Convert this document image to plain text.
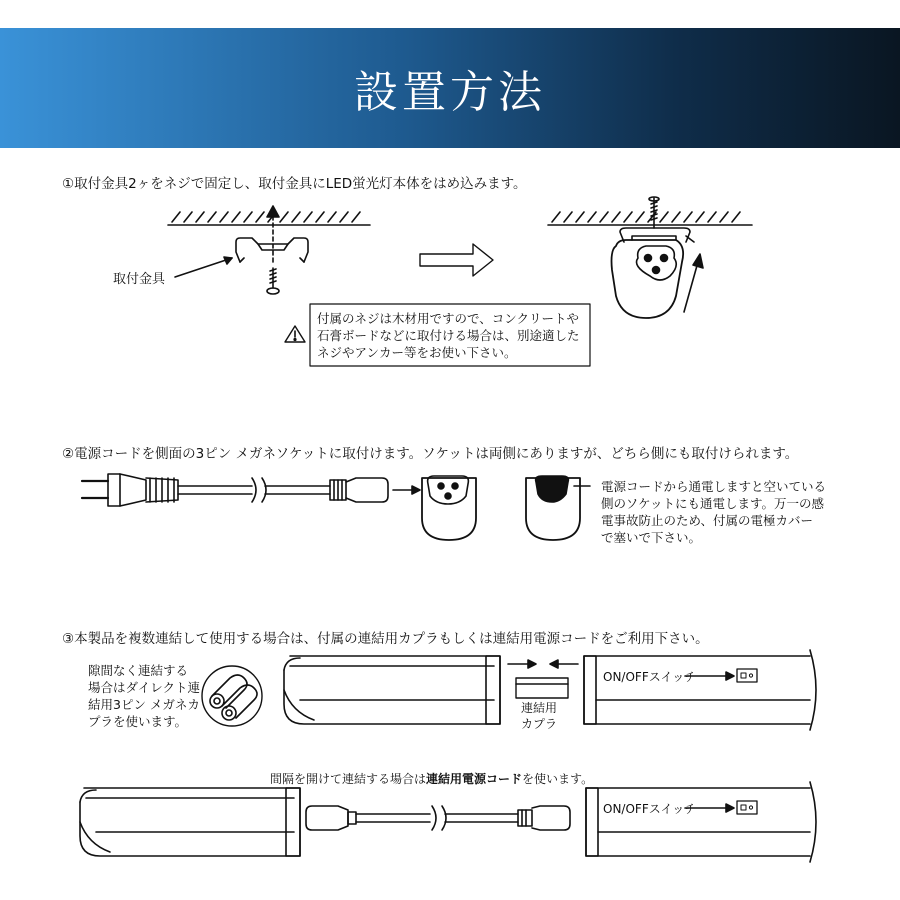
設置方法
①取付金具2ヶをネジで固定し、取付金具にLED蛍光灯本体をはめ込みます。
②電源コードを側面の3ピン メガネソケットに取付けます。ソケットは両側にありますが、どちら側にも取付けられます。
③本製品を複数連結して使用する場合は、付属の連結用カプラもしくは連結用電源コードをご利用下さい。
取付金具
付属のネジは木材用ですので、コンクリートや
石膏ボードなどに取付ける場合は、別途適した
ネジやアンカー等をお使い下さい。
電源コードから通電しますと空いている
側のソケットにも通電します。万一の感
電事故防止のため、付属の電極カバー
で塞いで下さい。
隙間なく連結する
場合はダイレクト連
結用3ピン メガネカ
プラを使います。
連結用
カプラ
ON/OFFスイッチ
ON/OFFスイッチ
間隔を開けて連結する場合は連結用電源コードを使います。
